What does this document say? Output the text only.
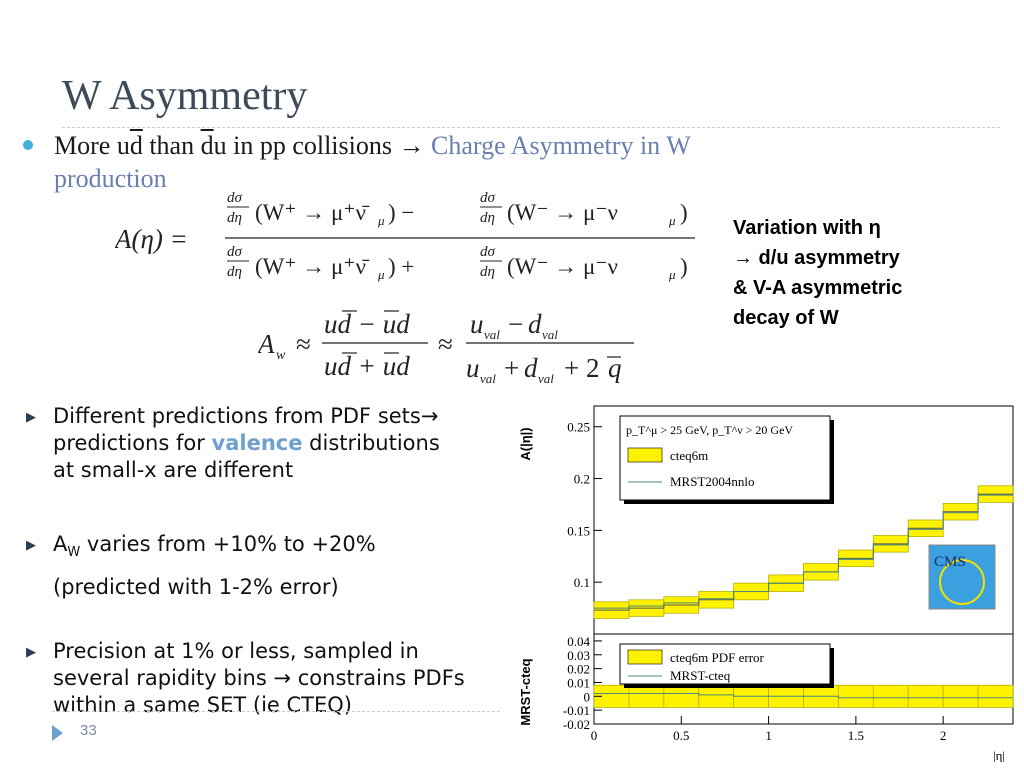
W Asymmetry
More $u\overline{d}$ than $\overline{d}u$ in pp collisions → Charge Asymmetry in W
production
A(η) =
dσ
dη (W⁺ → μ⁺ν̄ μ ) −
dσ
dη (W⁻ → μ⁻ν	μ )
dσ
dη (W⁺ → μ⁺ν̄ μ ) +
dσ
dη (W⁻ → μ⁻ν	μ )
A w ≈
ud − ud
ud + ud
≈
u val − d val
u val + d val + 2 q
Variation with η
→ d/u asymmetry
& V-A asymmetric
decay of W
▶ Different predictions from PDF sets→
predictions for valence distributions
at small-x are different
▶ $A_W$ varies from +10% to +20%
(predicted with 1-2% error)
▶ Precision at 1% or less, sampled in
several rapidity bins → constrains PDFs
within a same SET (ie CTEQ)
33
0.1
0.15
0.2
0.25
A(|η|)	p_T^μ > 25 GeV, p_T^ν > 20 GeV
cteq6m
MRST2004nnlo
-0.02
-0.01
0
0.01
0.02
0.03
0.04
MRST-cteq
cteq6m PDF error
MRST-cteq
0	0.5	1	1.5	2
|η|
CMS
